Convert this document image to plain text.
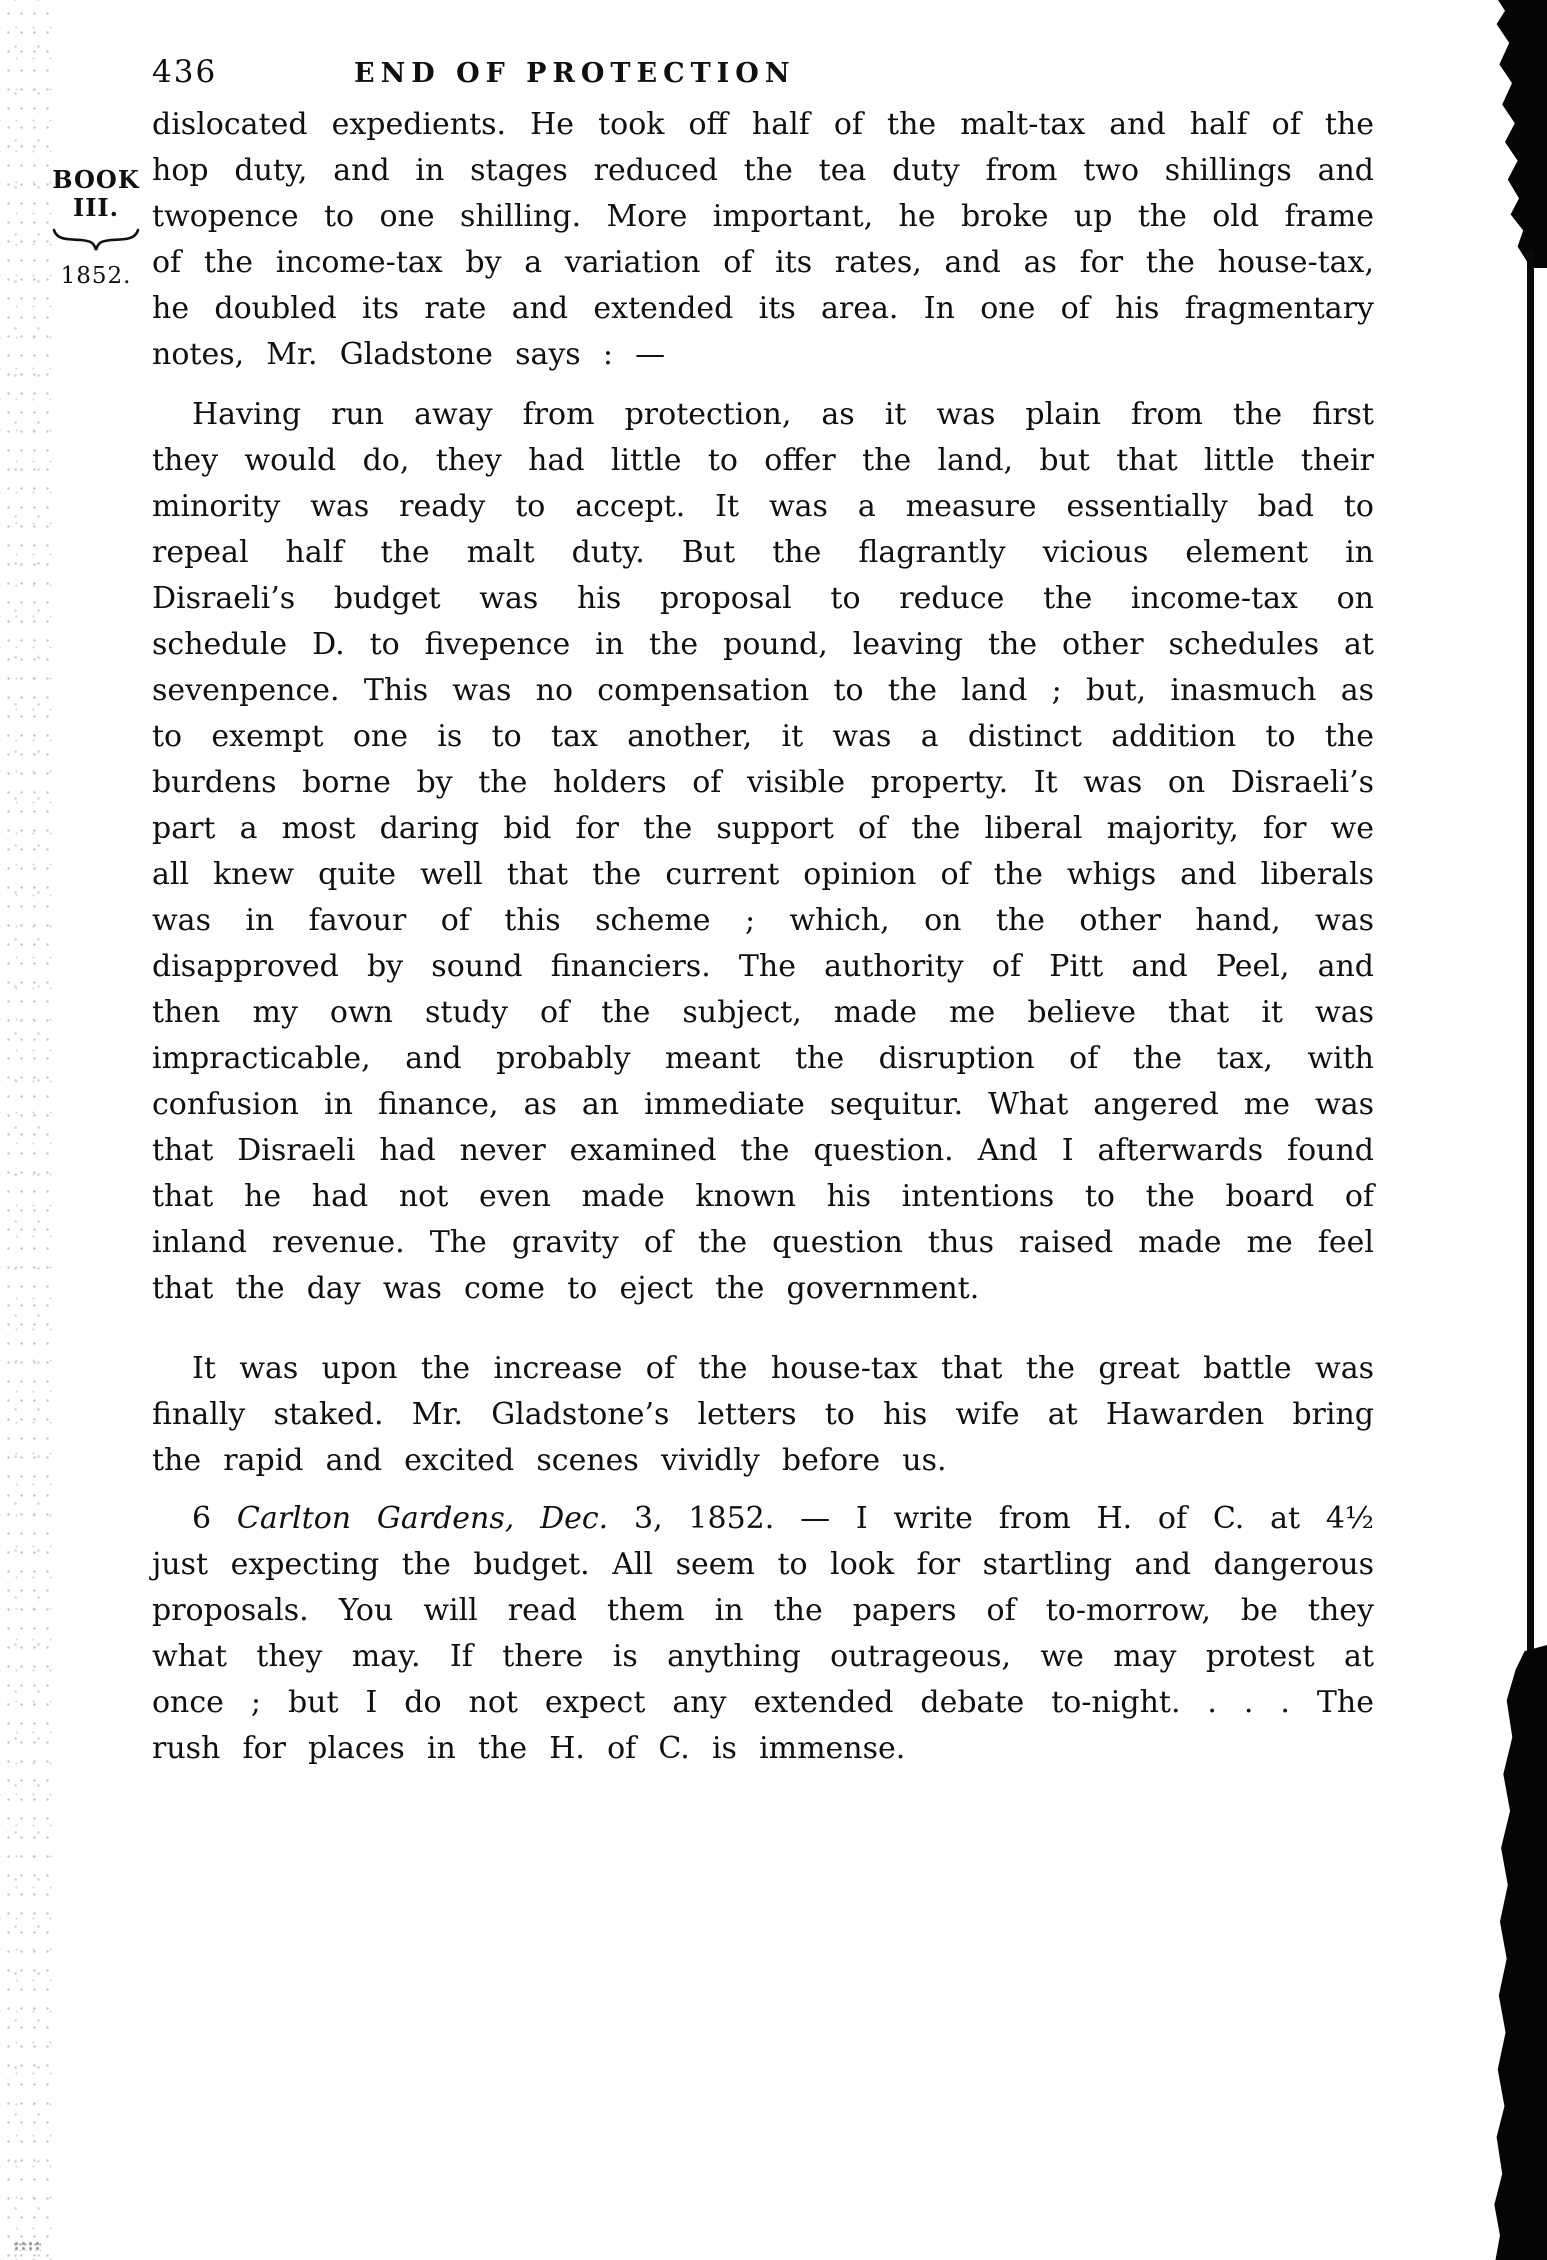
436	END OF PROTECTION
BOOK
III.
1852.

dislocated expedients. He took off half of the malt-tax and half of the hop duty, and in stages reduced the tea duty from two shillings and twopence to one shilling. More important, he broke up the old frame of the income-tax by a variation of its rates, and as for the house-tax, he doubled its rate and extended its area. In one of his fragmentary notes, Mr. Gladstone says : —

Having run away from protection, as it was plain from the first they would do, they had little to offer the land, but that little their minority was ready to accept. It was a measure essentially bad to repeal half the malt duty. But the flagrantly vicious element in Disraeli’s budget was his proposal to reduce the income-tax on schedule D. to fivepence in the pound, leaving the other schedules at sevenpence. This was no compensation to the land ; but, inasmuch as to exempt one is to tax another, it was a distinct addition to the burdens borne by the holders of visible property. It was on Disraeli’s part a most daring bid for the support of the liberal majority, for we all knew quite well that the current opinion of the whigs and liberals was in favour of this scheme ; which, on the other hand, was disapproved by sound financiers. The authority of Pitt and Peel, and then my own study of the subject, made me believe that it was impracticable, and probably meant the disruption of the tax, with confusion in finance, as an immediate sequitur. What angered me was that Disraeli had never examined the question. And I afterwards found that he had not even made known his intentions to the board of inland revenue. The gravity of the question thus raised made me feel that the day was come to eject the government.

It was upon the increase of the house-tax that the great battle was finally staked. Mr. Gladstone’s letters to his wife at Hawarden bring the rapid and excited scenes vividly before us.

6 Carlton Gardens, Dec. 3, 1852. — I write from H. of C. at 4½ just expecting the budget. All seem to look for startling and dangerous proposals. You will read them in the papers of to-morrow, be they what they may. If there is anything outrageous, we may protest at once ; but I do not expect any extended debate to-night. . . . The rush for places in the H. of C. is immense.
